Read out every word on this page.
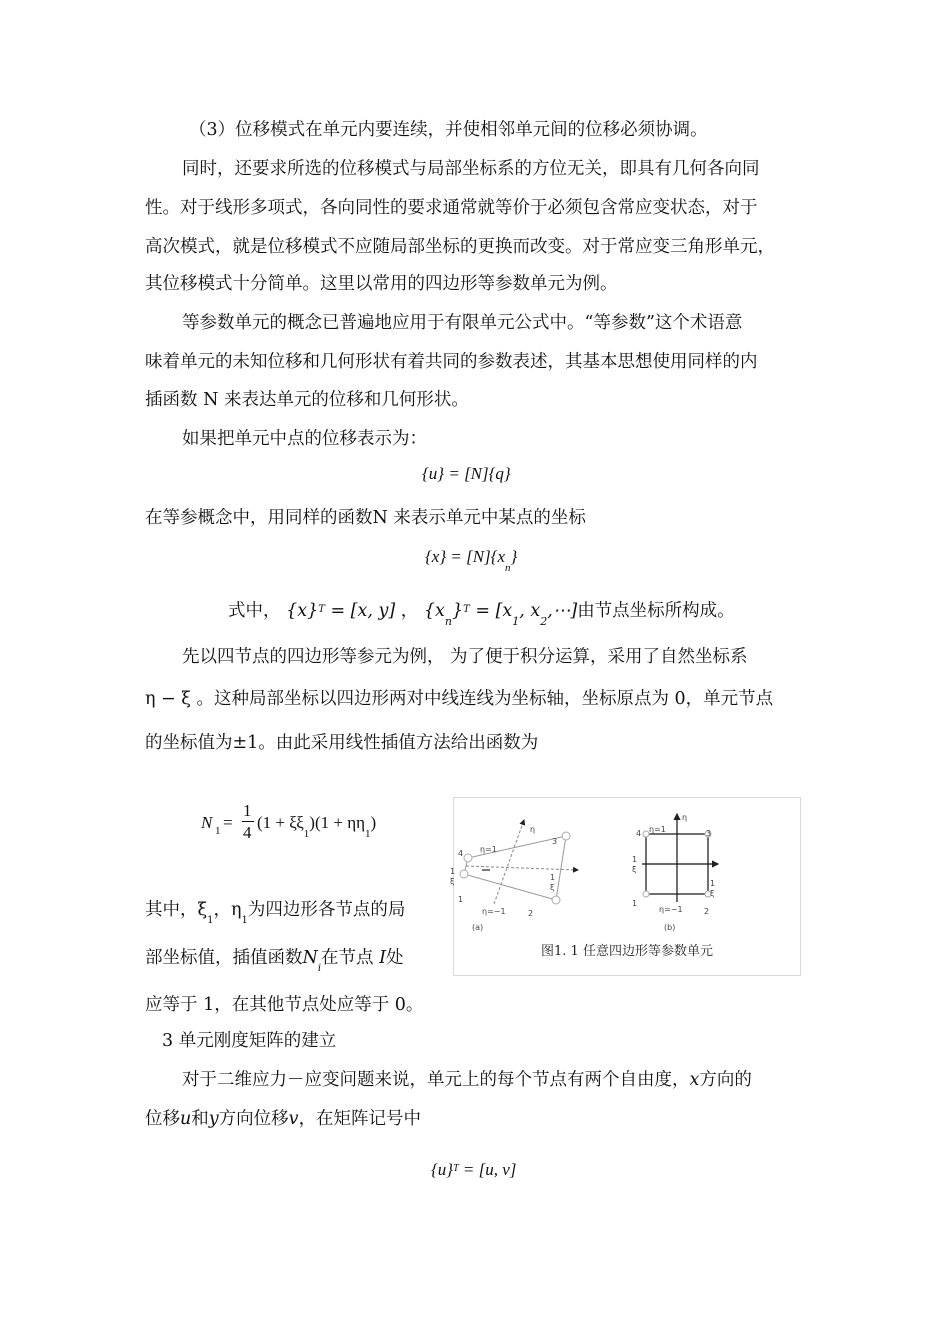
（3）位移模式在单元内要连续，并使相邻单元间的位移必须协调。
同时，还要求所选的位移模式与局部坐标系的方位无关，即具有几何各向同
性。对于线形多项式，各向同性的要求通常就等价于必须包含常应变状态，对于
高次模式，就是位移模式不应随局部坐标的更换而改变。对于常应变三角形单元，
其位移模式十分简单。这里以常用的四边形等参数单元为例。
等参数单元的概念已普遍地应用于有限单元公式中。“等参数”这个术语意
味着单元的未知位移和几何形状有着共同的参数表述，其基本思想使用同样的内
插函数 N 来表达单元的位移和几何形状。
如果把单元中点的位移表示为：
{u} = [N]{q}
在等参概念中，用同样的函数N 来表示单元中某点的坐标
$\{x\} = [N]\{x_n\}$
式中， $\{x\}^T = [x$, y] ， $\{x_n\}^T = [x_1$, $x_2,\cdots$]由节点坐标所构成。
先以四节点的四边形等参元为例， 为了便于积分运算，采用了自然坐标系
η − ξ 。这种局部坐标以四边形两对中线连线为坐标轴，坐标原点为 0，单元节点
的坐标值为±1。由此采用线性插值方法给出函数为
N 1 =
1
4
$(1 + \xi\xi_1)(1 + \eta\eta_1)$
其中，$\xi_1$，$\eta_1$为四边形各节点的局
部坐标值，插值函数$N_i$在节点 I处
应等于 1，在其他节点处应等于 0。
3 单元刚度矩阵的建立
对于二维应力－应变问题来说，单元上的每个节点有两个自由度，x方向的
位移u和y方向位移v，在矩阵记号中
$\{u\}^T = [u$, v]
4
3
2
1
η
η=1
η=−1
1
ξ	1
ξ
(a)
4	3
2
1
η
η=1
η=−1
1
ξ
1
ξ
(b)
图1. 1 任意四边形等参数单元
